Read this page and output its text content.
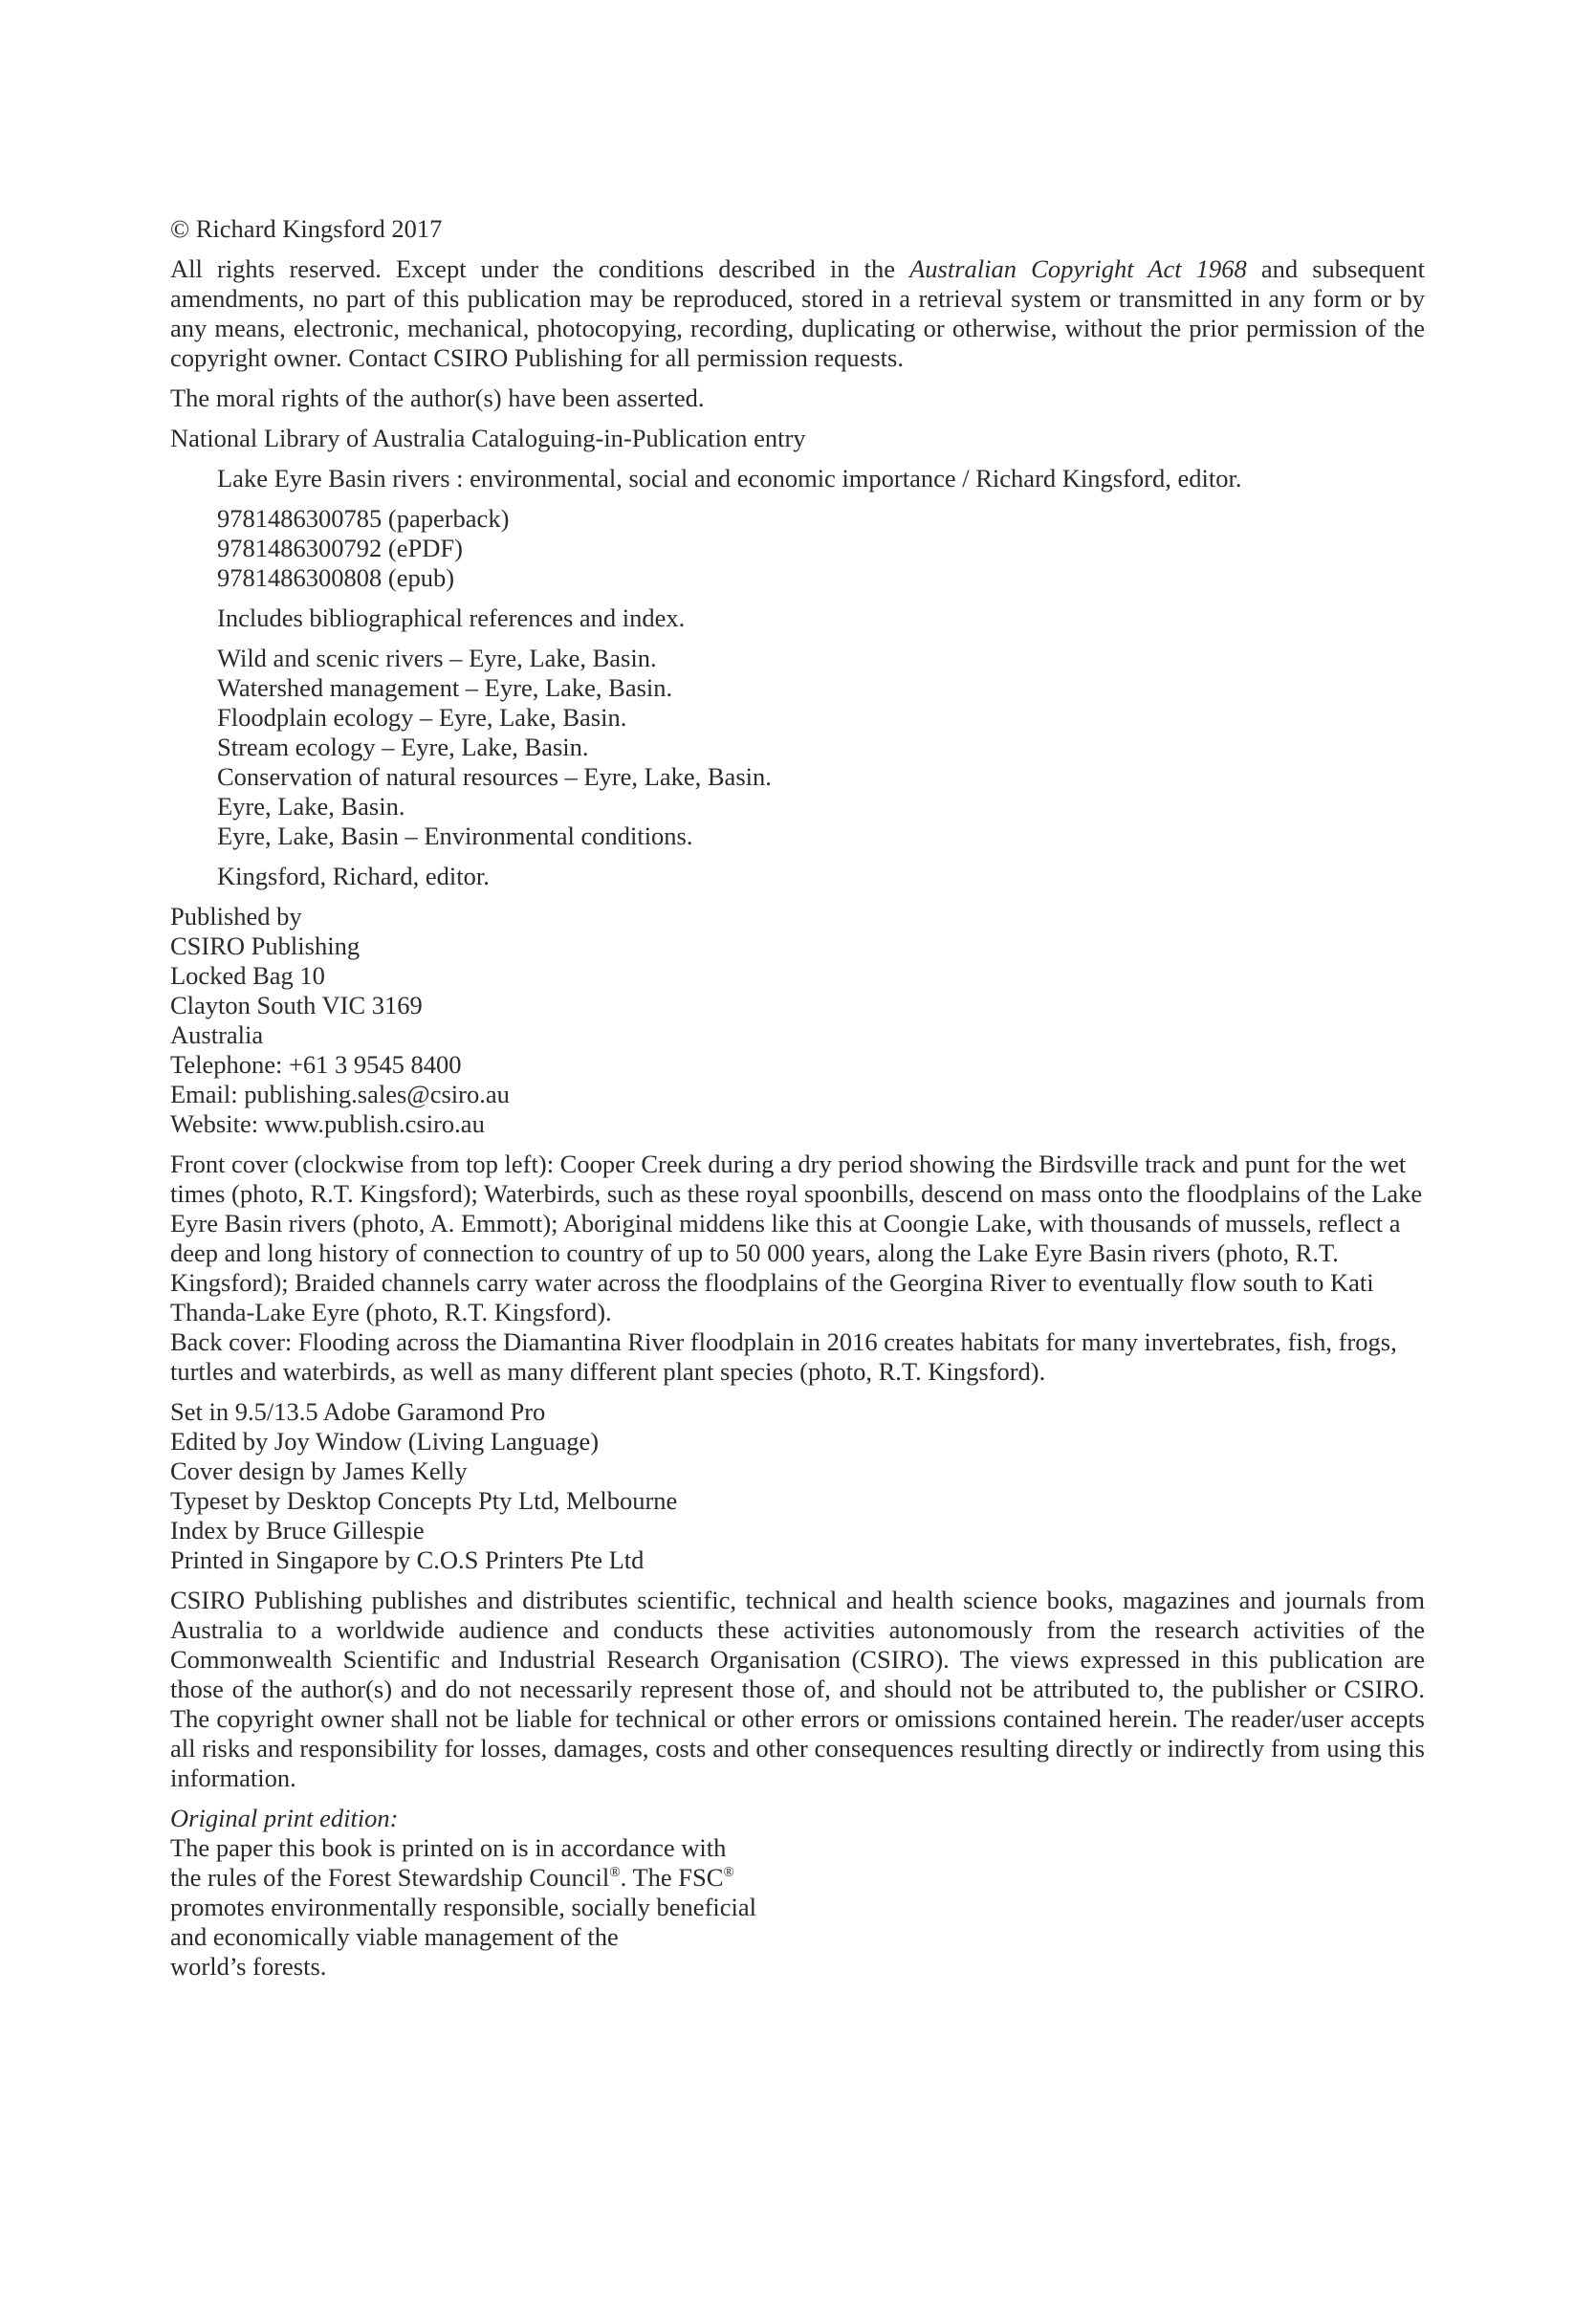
© Richard Kingsford 2017

All rights reserved. Except under the conditions described in the Australian Copyright Act 1968 and subsequent amendments, no part of this publication may be reproduced, stored in a retrieval system or transmitted in any form or by any means, electronic, mechanical, photocopying, recording, duplicating or otherwise, without the prior permission of the copyright owner. Contact CSIRO Publishing for all permission requests.

The moral rights of the author(s) have been asserted.

National Library of Australia Cataloguing-in-Publication entry

Lake Eyre Basin rivers : environmental, social and economic importance / Richard Kingsford, editor.

9781486300785 (paperback)
9781486300792 (ePDF)
9781486300808 (epub)

Includes bibliographical references and index.

Wild and scenic rivers – Eyre, Lake, Basin.
Watershed management – Eyre, Lake, Basin.
Floodplain ecology – Eyre, Lake, Basin.
Stream ecology – Eyre, Lake, Basin.
Conservation of natural resources – Eyre, Lake, Basin.
Eyre, Lake, Basin.
Eyre, Lake, Basin – Environmental conditions.

Kingsford, Richard, editor.

Published by
CSIRO Publishing
Locked Bag 10
Clayton South VIC 3169
Australia
Telephone: +61 3 9545 8400
Email: publishing.sales@csiro.au
Website: www.publish.csiro.au
Front cover (clockwise from top left): Cooper Creek during a dry period showing the Birdsville track and punt for the wet times (photo, R.T. Kingsford); Waterbirds, such as these royal spoonbills, descend on mass onto the floodplains of the Lake Eyre Basin rivers (photo, A. Emmott); Aboriginal middens like this at Coongie Lake, with thousands of mussels, reflect a deep and long history of connection to country of up to 50 000 years, along the Lake Eyre Basin rivers (photo, R.T. Kingsford); Braided channels carry water across the floodplains of the Georgina River to eventually flow south to Kati Thanda-Lake Eyre (photo, R.T. Kingsford).
Back cover: Flooding across the Diamantina River floodplain in 2016 creates habitats for many invertebrates, fish, frogs, turtles and waterbirds, as well as many different plant species (photo, R.T. Kingsford).
Set in 9.5/13.5 Adobe Garamond Pro
Edited by Joy Window (Living Language)
Cover design by James Kelly
Typeset by Desktop Concepts Pty Ltd, Melbourne
Index by Bruce Gillespie
Printed in Singapore by C.O.S Printers Pte Ltd

CSIRO Publishing publishes and distributes scientific, technical and health science books, magazines and journals from Australia to a worldwide audience and conducts these activities autonomously from the research activities of the Commonwealth Scientific and Industrial Research Organisation (CSIRO). The views expressed in this publication are those of the author(s) and do not necessarily represent those of, and should not be attributed to, the publisher or CSIRO. The copyright owner shall not be liable for technical or other errors or omissions contained herein. The reader/user accepts all risks and responsibility for losses, damages, costs and other consequences resulting directly or indirectly from using this information.

Original print edition:
The paper this book is printed on is in accordance with
the rules of the Forest Stewardship Council®. The FSC®
promotes environmentally responsible, socially beneficial
and economically viable management of the
world’s forests.
